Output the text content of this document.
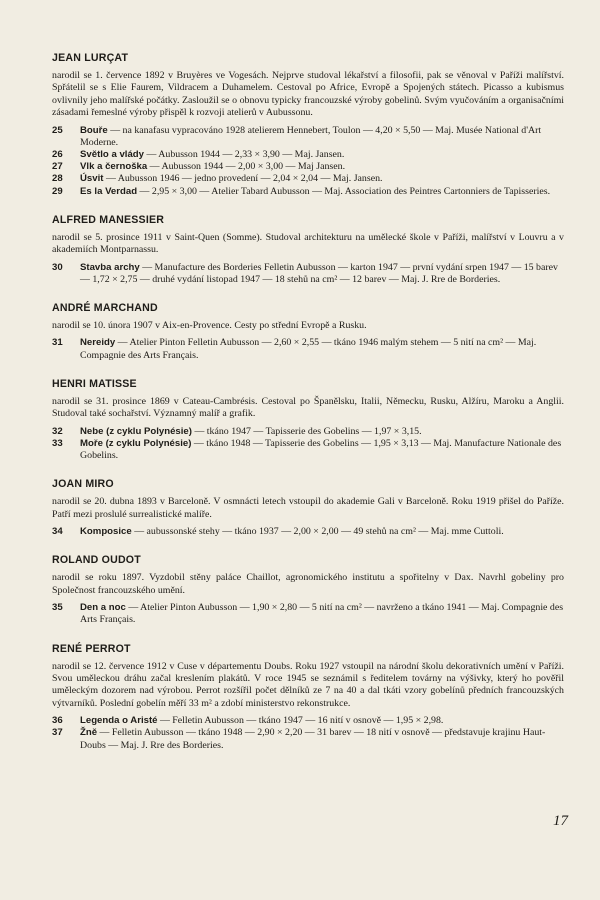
JEAN LURÇAT

narodil se 1. července 1892 v Bruyères ve Vogesách. Nejprve studoval lékařství a filosofii, pak se věnoval v Paříži malířství. Spřátelil se s Elie Faurem, Vildracem a Duhamelem. Cestoval po Africe, Evropě a Spojených státech. Picasso a kubismus ovlivnily jeho malířské počátky. Zasloužil se o obnovu typicky francouzské výroby gobelinů. Svým vyučováním a organisačními zásadami řemeslné výroby přispěl k rozvoji atelierů v Aubussonu.

25	Bouře — na kanafasu vypracováno 1928 atelierem Hennebert, Toulon — 4,20 × 5,50 — Maj. Musée National d'Art Moderne.
26	Světlo a vlády — Aubusson 1944 — 2,33 × 3,90 — Maj. Jansen.
27	Vlk a černoška — Aubusson 1944 — 2,00 × 3,00 — Maj Jansen.
28	Úsvit — Aubusson 1946 — jedno provedení — 2,04 × 2,04 — Maj. Jansen.
29	Es la Verdad — 2,95 × 3,00 — Atelier Tabard Aubusson — Maj. Association des Peintres Cartonniers de Tapisseries.
ALFRED MANESSIER

narodil se 5. prosince 1911 v Saint-Quen (Somme). Studoval architekturu na umělecké škole v Paříži, malířství v Louvru a v akademiích Montparnassu.

30	Stavba archy — Manufacture des Borderies Felletin Aubusson — karton 1947 — první vydání srpen 1947 — 15 barev — 1,72 × 2,75 — druhé vydání listopad 1947 — 18 stehů na cm² — 12 barev — Maj. J. Rre de Borderies.
ANDRÉ MARCHAND

narodil se 10. února 1907 v Aix-en-Provence. Cesty po střední Evropě a Rusku.

31	Nereidy — Atelier Pinton Felletin Aubusson — 2,60 × 2,55 — tkáno 1946 malým stehem — 5 nití na cm² — Maj. Compagnie des Arts Français.
HENRI MATISSE

narodil se 31. prosince 1869 v Cateau-Cambrésis. Cestoval po Španělsku, Italii, Německu, Rusku, Alžíru, Maroku a Anglii. Studoval také sochařství. Významný malíř a grafik.

32	Nebe (z cyklu Polynésie) — tkáno 1947 — Tapisserie des Gobelins — 1,97 × 3,15.
33	Moře (z cyklu Polynésie) — tkáno 1948 — Tapisserie des Gobelins — 1,95 × 3,13 — Maj. Manufacture Nationale des Gobelins.
JOAN MIRO

narodil se 20. dubna 1893 v Barceloně. V osmnácti letech vstoupil do akademie Gali v Barceloně. Roku 1919 přišel do Paříže. Patří mezi proslulé surrealistické malíře.

34	Komposice — aubussonské stehy — tkáno 1937 — 2,00 × 2,00 — 49 stehů na cm² — Maj. mme Cuttoli.
ROLAND OUDOT

narodil se roku 1897. Vyzdobil stěny paláce Chaillot, agronomického institutu a spořitelny v Dax. Navrhl gobeliny pro Společnost francouzského umění.

35	Den a noc — Atelier Pinton Aubusson — 1,90 × 2,80 — 5 nití na cm² — navrženo a tkáno 1941 — Maj. Compagnie des Arts Français.
RENÉ PERROT

narodil se 12. července 1912 v Cuse v départementu Doubs. Roku 1927 vstoupil na národní školu dekorativních umění v Paříži. Svou uměleckou dráhu začal kreslením plakátů. V roce 1945 se seznámil s ředitelem továrny na výšivky, který ho pověřil uměleckým dozorem nad výrobou. Perrot rozšířil počet dělníků ze 7 na 40 a dal tkáti vzory gobelínů předních francouzských výtvarníků. Poslední gobelín měří 33 m² a zdobí ministerstvo rekonstrukce.

36	Legenda o Aristé — Felletin Aubusson — tkáno 1947 — 16 nití v osnově — 1,95 × 2,98.
37	Žně — Felletin Aubusson — tkáno 1948 — 2,90 × 2,20 — 31 barev — 18 nití v osnově — představuje krajinu Haut-Doubs — Maj. J. Rre des Borderies.
17
